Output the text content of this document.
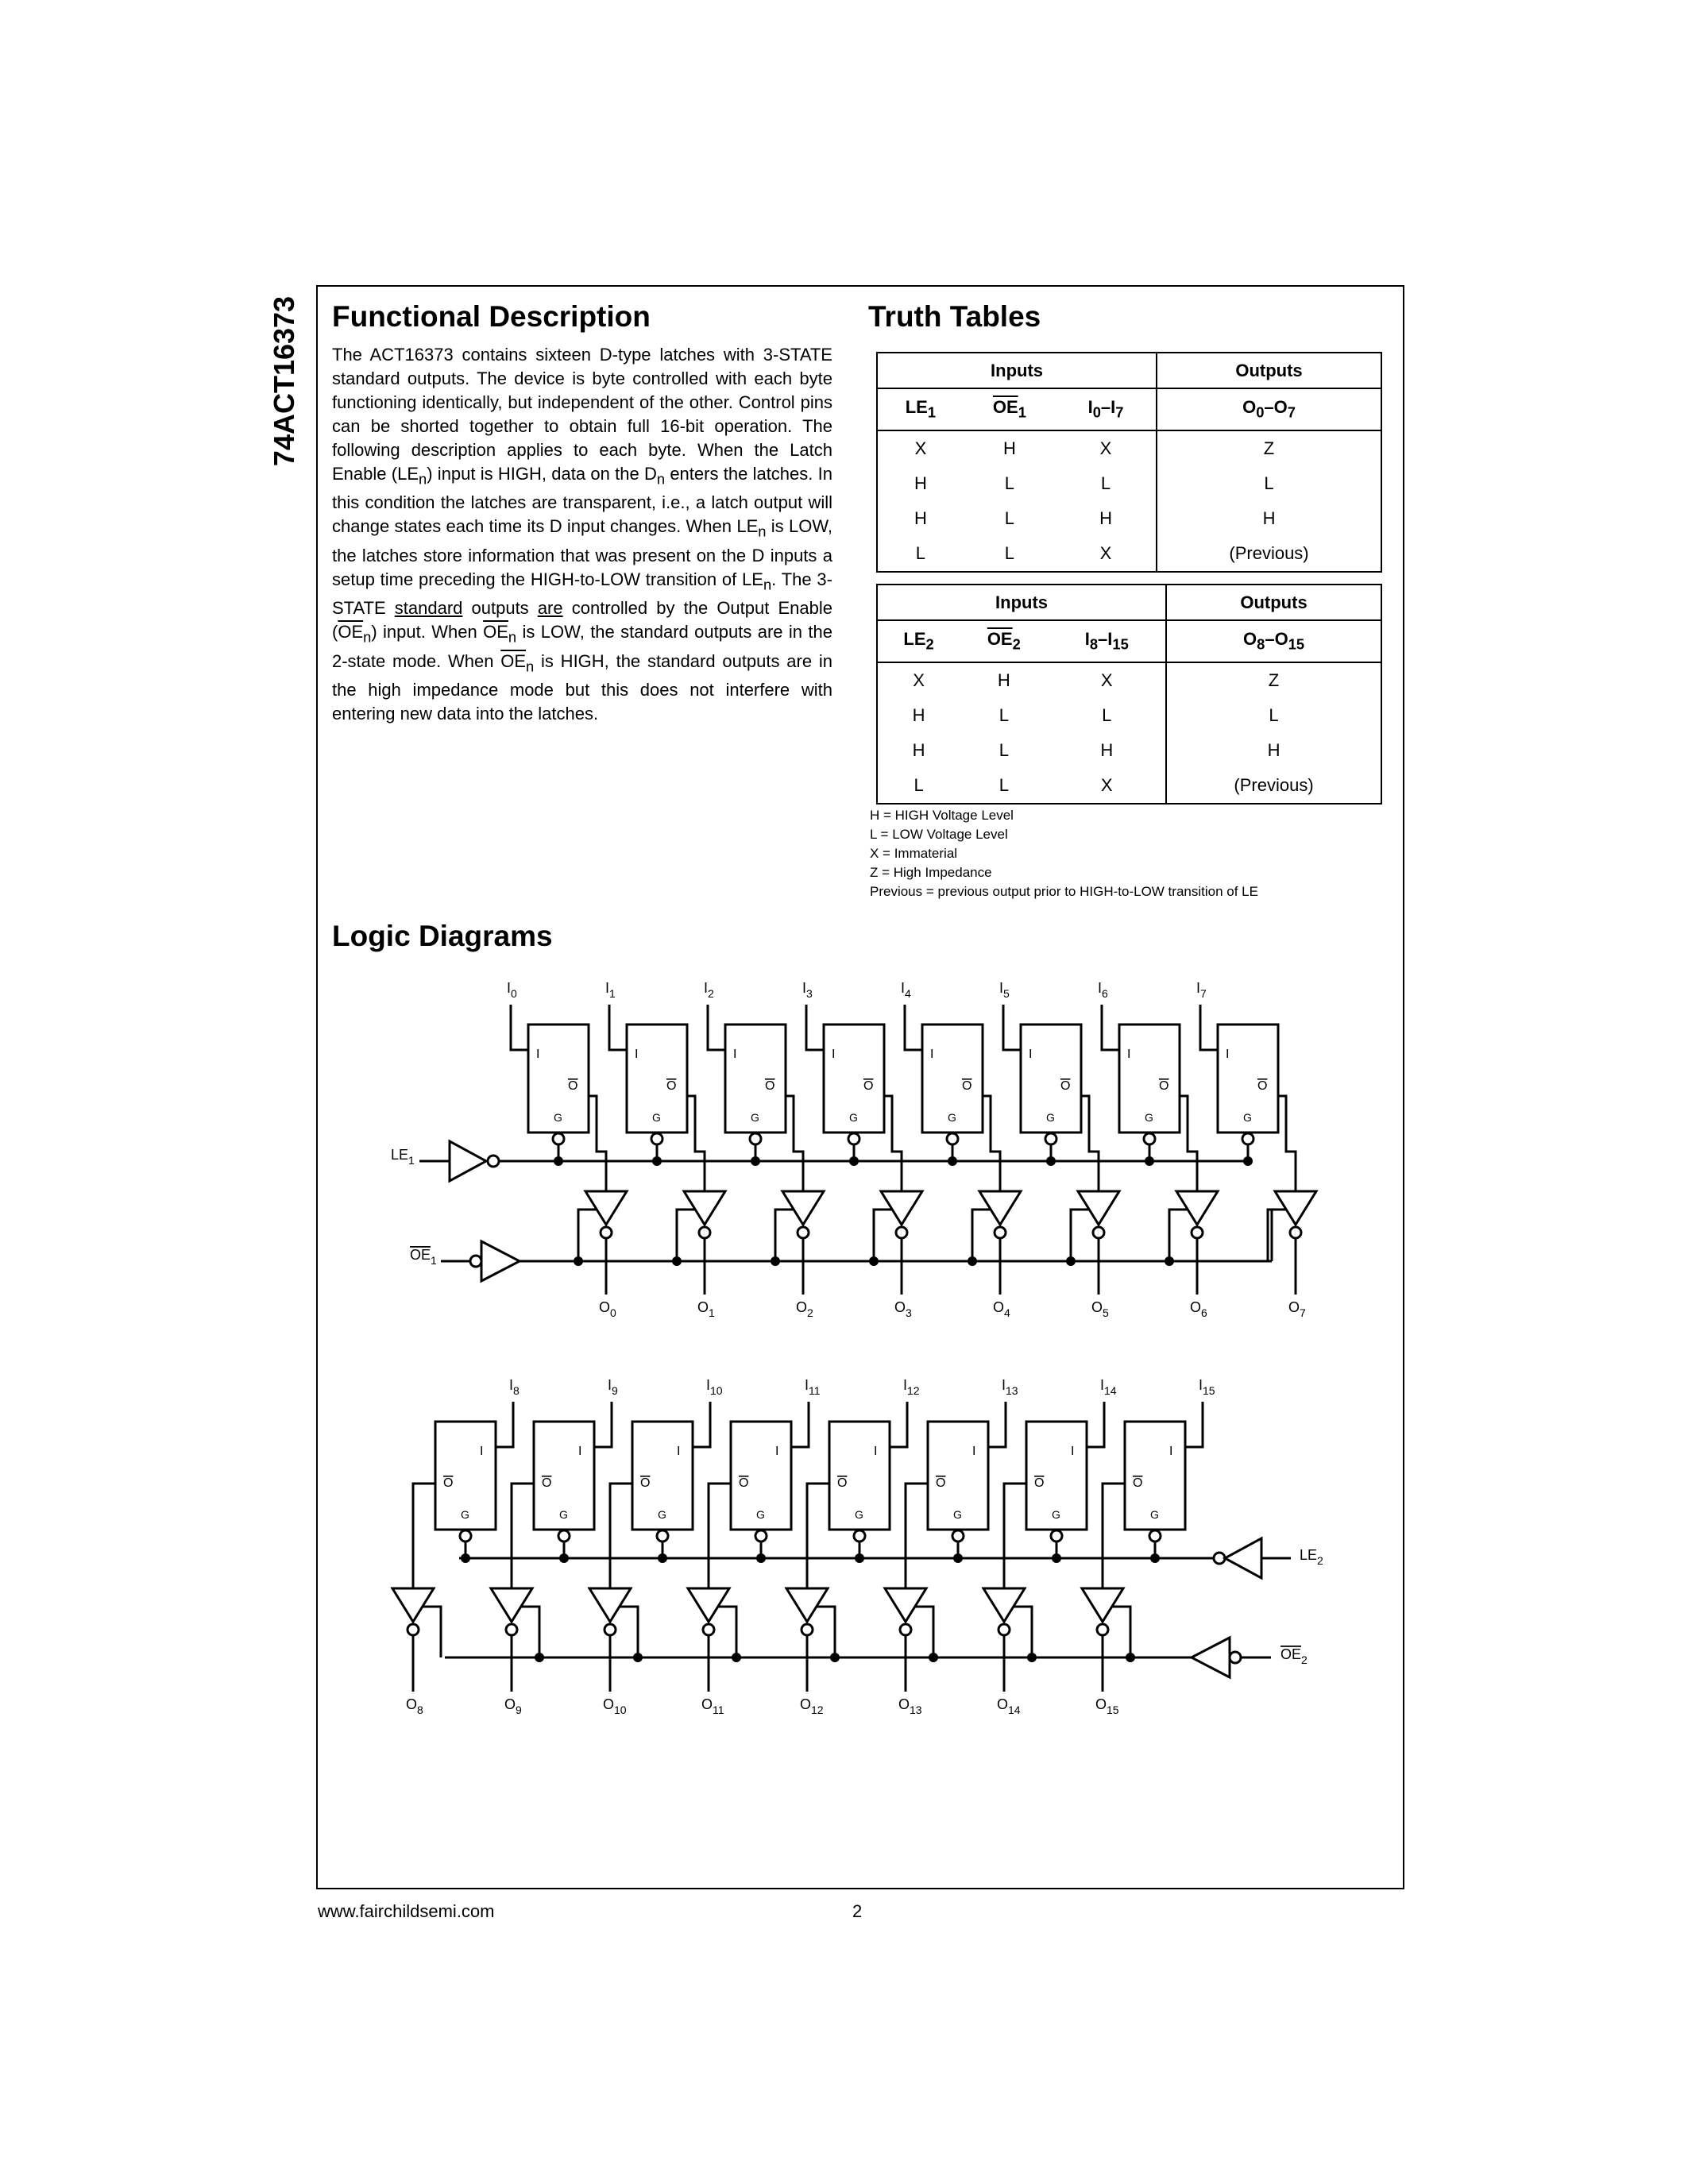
74ACT16373 Functional Description

The ACT16373 contains sixteen D-type latches with 3-STATE standard outputs. The device is byte controlled with each byte functioning identically, but independent of the other. Control pins can be shorted together to obtain full 16-bit operation. The following description applies to each byte. When the Latch Enable $(LE_n)$ input is HIGH, data on the $D_n$ enters the latches. In this condition the latches are transparent, i.e., a latch output will change states each time its D input changes. When $LE_n$ is LOW, the latches store information that was present on the D inputs a setup time preceding the HIGH-to-LOW transition of $LE_n$. The 3-STATE standard outputs are controlled by the Output Enable $(\overline{OE}_n)$ input. When $\overline{OE}_n$ is LOW, the standard outputs are in the 2-state mode. When $\overline{OE}_n$ is HIGH, the standard outputs are in the high impedance mode but this does not interfere with entering new data into the latches.

Truth Tables
Inputs			Outputs
$LE_1$	$\overline{OE}_1$	$I_0-I_7$	$O_0-O_7$
X	H	X	Z
H	L	L	L
H	L	H	H
L	L	X	(Previous)
Inputs			Outputs
$LE_2$	$\overline{OE}_2$	$I_8-I_{15}$	$O_8-O_{15}$
X	H	X	Z
H	L	L	L
H	L	H	H
L	L	X	(Previous)
H = HIGH Voltage Level
L = LOW Voltage Level
X = Immaterial
Z = High Impedance
Previous = previous output prior to HIGH-to-LOW transition of LE
Logic Diagrams
$LE_1$
$OE_1$
I
O
G
$I_0$
$O_0$
I
O
G
$I_1$
$O_1$
I
O
G
$I_2$
$O_2$
I
O
G
$I_3$
$O_3$
I
O
G
$I_4$
$O_4$
I
O
G
$I_5$
$O_5$
I
O
G
$I_6$
$O_6$
I
O
G
$I_7$
$O_7$
$LE_2$
$OE_2$
I
O
G
$I_8$
$O_8$
I
O
G
$I_9$
$O_9$
I
O
G
$I_{10}$
$O_{10}$
I
O
G
$I_{11}$
$O_{11}$
I
O
G
$I_{12}$
$O_{12}$
I
O
G
$I_{13}$
$O_{13}$
I
O
G
$I_{14}$
$O_{14}$
I
O
G
$I_{15}$
$O_{15}$
www.fairchildsemi.com	2
